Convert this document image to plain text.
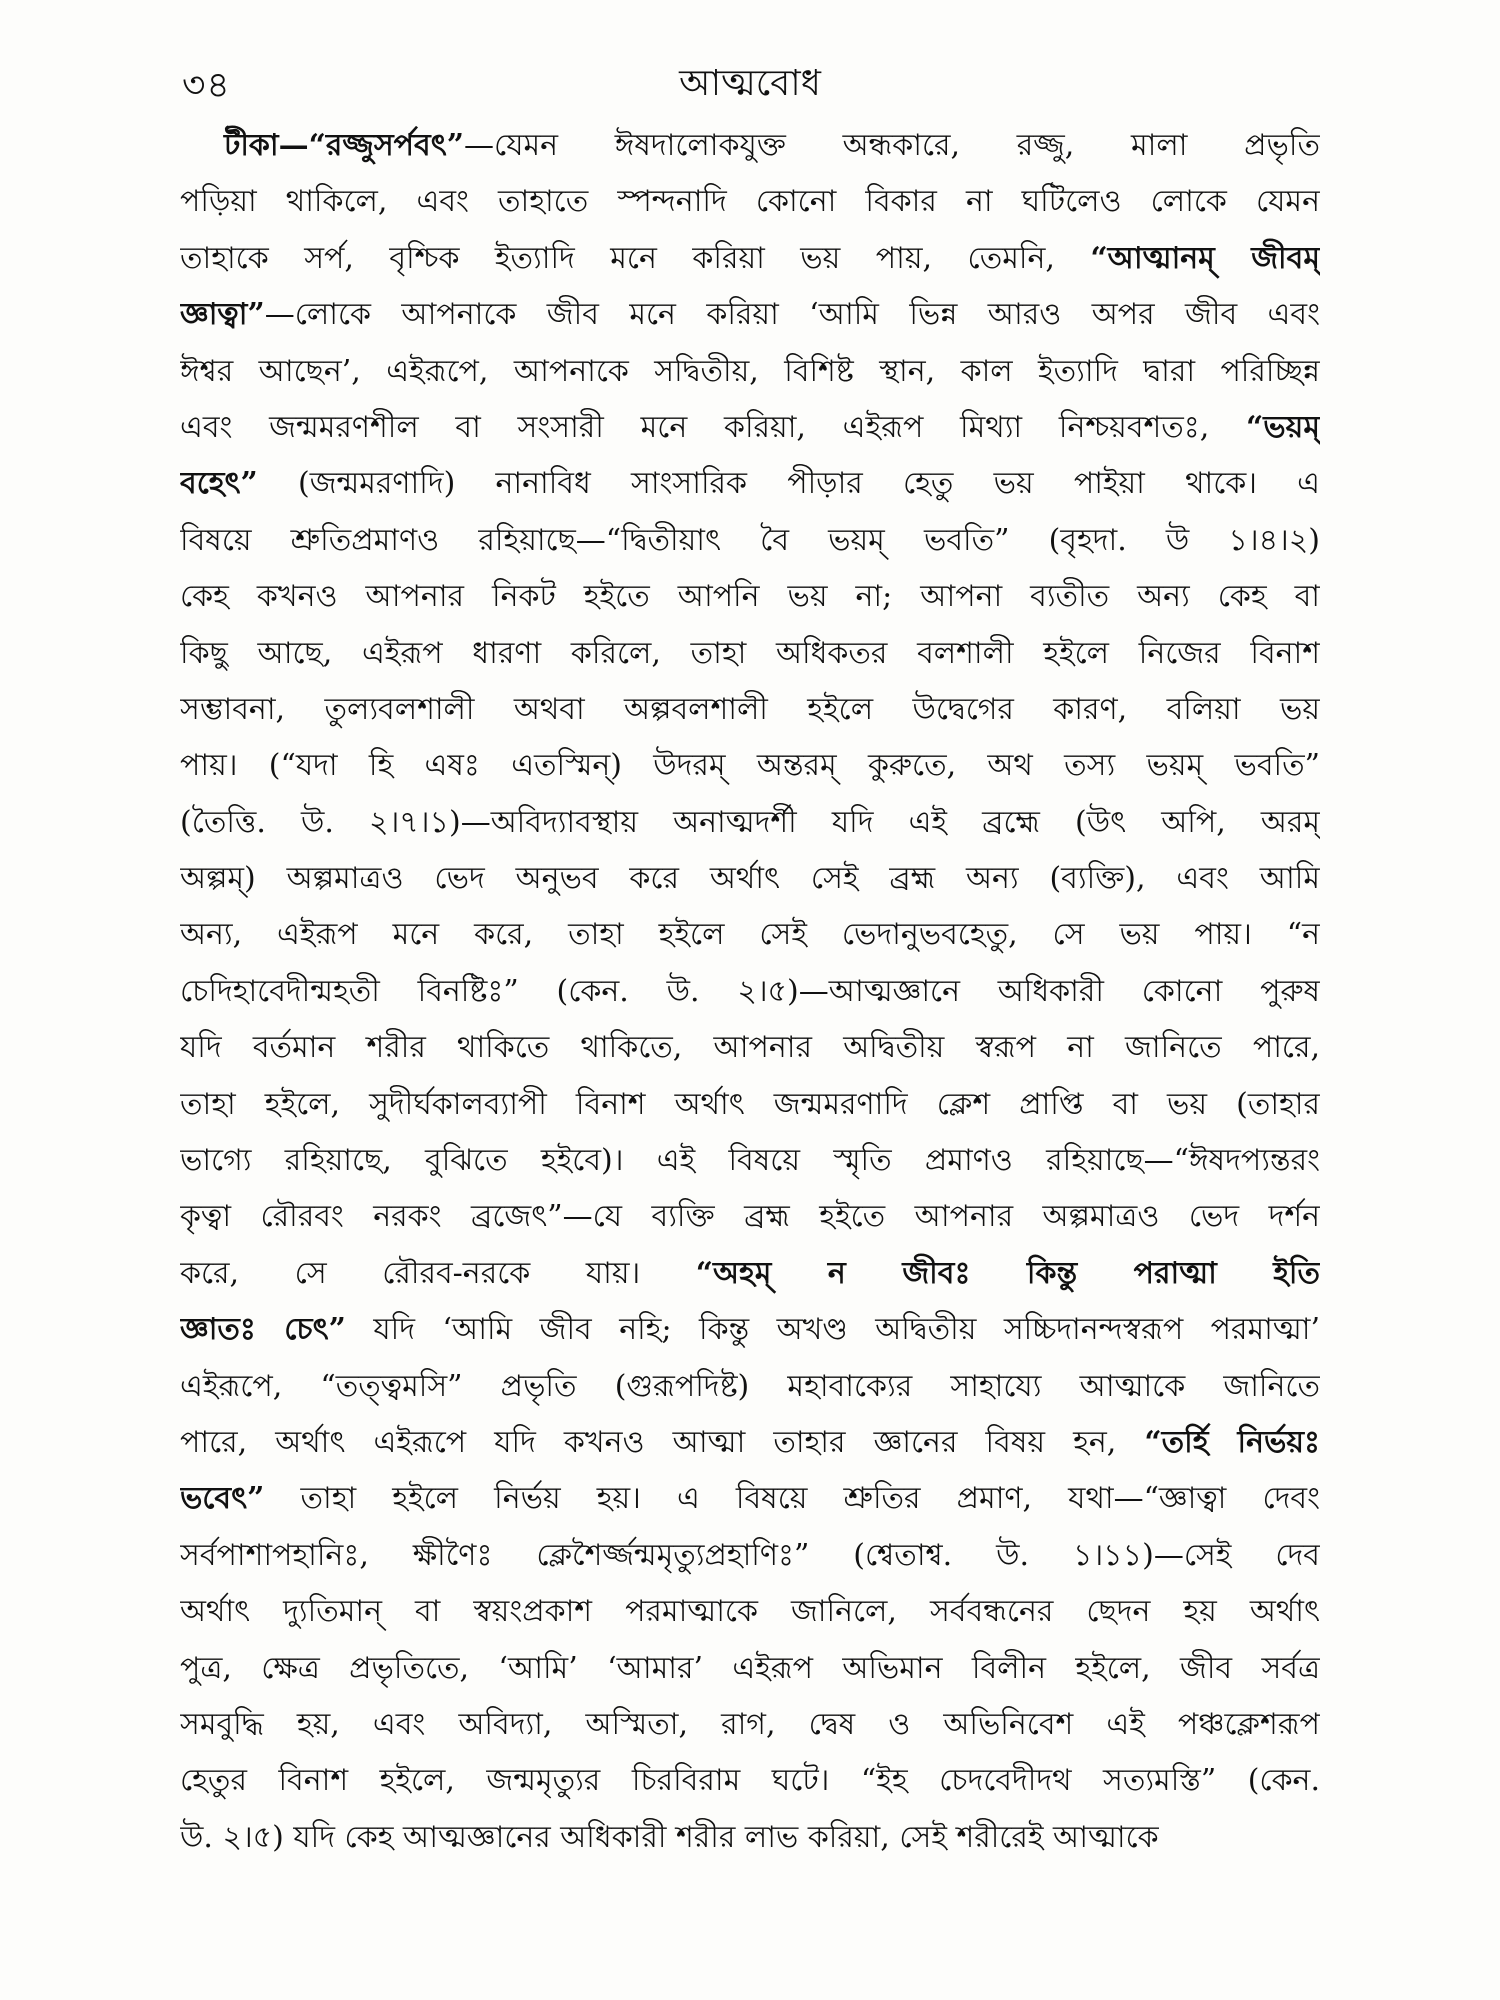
৩৪	আত্মবোধ
টীকা—“রজ্জুসর্পবৎ”—যেমন ঈষদালোকযুক্ত অন্ধকারে, রজ্জু, মালা প্রভৃতি
পড়িয়া থাকিলে, এবং তাহাতে স্পন্দনাদি কোনো বিকার না ঘটিলেও লোকে যেমন
তাহাকে সর্প, বৃশ্চিক ইত্যাদি মনে করিয়া ভয় পায়, তেমনি, “আত্মানম্ জীবম্
জ্ঞাত্বা”—লোকে আপনাকে জীব মনে করিয়া ‘আমি ভিন্ন আরও অপর জীব এবং
ঈশ্বর আছেন’, এইরূপে, আপনাকে সদ্বিতীয়, বিশিষ্ট স্থান, কাল ইত্যাদি দ্বারা পরিচ্ছিন্ন
এবং জন্মমরণশীল বা সংসারী মনে করিয়া, এইরূপ মিথ্যা নিশ্চয়বশতঃ, “ভয়ম্
বহেৎ” (জন্মমরণাদি) নানাবিধ সাংসারিক পীড়ার হেতু ভয় পাইয়া থাকে। এ
বিষয়ে শ্রুতিপ্রমাণও রহিয়াছে—“দ্বিতীয়াৎ বৈ ভয়ম্ ভবতি” (বৃহদা. উ ১।৪।২)
কেহ কখনও আপনার নিকট হইতে আপনি ভয় না; আপনা ব্যতীত অন্য কেহ বা
কিছু আছে, এইরূপ ধারণা করিলে, তাহা অধিকতর বলশালী হইলে নিজের বিনাশ
সম্ভাবনা, তুল্যবলশালী অথবা অল্পবলশালী হইলে উদ্বেগের কারণ, বলিয়া ভয়
পায়। (“যদা হি এষঃ এতস্মিন্) উদরম্ অন্তরম্ কুরুতে, অথ তস্য ভয়ম্ ভবতি”
(তৈত্তি. উ. ২।৭।১)—অবিদ্যাবস্থায় অনাত্মদর্শী যদি এই ব্রহ্মে (উৎ অপি, অরম্
অল্পম্) অল্পমাত্রও ভেদ অনুভব করে অর্থাৎ সেই ব্রহ্ম অন্য (ব্যক্তি), এবং আমি
অন্য, এইরূপ মনে করে, তাহা হইলে সেই ভেদানুভবহেতু, সে ভয় পায়। “ন
চেদিহাবেদীন্মহতী বিনষ্টিঃ” (কেন. উ. ২।৫)—আত্মজ্ঞানে অধিকারী কোনো পুরুষ
যদি বর্তমান শরীর থাকিতে থাকিতে, আপনার অদ্বিতীয় স্বরূপ না জানিতে পারে,
তাহা হইলে, সুদীর্ঘকালব্যাপী বিনাশ অর্থাৎ জন্মমরণাদি ক্লেশ প্রাপ্তি বা ভয় (তাহার
ভাগ্যে রহিয়াছে, বুঝিতে হইবে)। এই বিষয়ে স্মৃতি প্রমাণও রহিয়াছে—“ঈষদপ্যন্তরং
কৃত্বা রৌরবং নরকং ব্রজেৎ”—যে ব্যক্তি ব্রহ্ম হইতে আপনার অল্পমাত্রও ভেদ দর্শন
করে, সে রৌরব-নরকে যায়। “অহম্ ন জীবঃ কিন্তু পরাত্মা ইতি
জ্ঞাতঃ চেৎ” যদি ‘আমি জীব নহি; কিন্তু অখণ্ড অদ্বিতীয় সচ্চিদানন্দস্বরূপ পরমাত্মা’
এইরূপে, “তত্ত্বমসি” প্রভৃতি (গুরূপদিষ্ট) মহাবাক্যের সাহায্যে আত্মাকে জানিতে
পারে, অর্থাৎ এইরূপে যদি কখনও আত্মা তাহার জ্ঞানের বিষয় হন, “তর্হি নির্ভয়ঃ
ভবেৎ” তাহা হইলে নির্ভয় হয়। এ বিষয়ে শ্রুতির প্রমাণ, যথা—“জ্ঞাত্বা দেবং
সর্বপাশাপহানিঃ, ক্ষীণৈঃ ক্লেশৈর্জ্জন্মমৃত্যুপ্রহাণিঃ” (শ্বেতাশ্ব. উ. ১।১১)—সেই দেব
অর্থাৎ দ্যুতিমান্ বা স্বয়ংপ্রকাশ পরমাত্মাকে জানিলে, সর্ববন্ধনের ছেদন হয় অর্থাৎ
পুত্র, ক্ষেত্র প্রভৃতিতে, ‘আমি’ ‘আমার’ এইরূপ অভিমান বিলীন হইলে, জীব সর্বত্র
সমবুদ্ধি হয়, এবং অবিদ্যা, অস্মিতা, রাগ, দ্বেষ ও অভিনিবেশ এই পঞ্চক্লেশরূপ
হেতুর বিনাশ হইলে, জন্মমৃত্যুর চিরবিরাম ঘটে। “ইহ চেদবেদীদথ সত্যমস্তি” (কেন.
উ. ২।৫) যদি কেহ আত্মজ্ঞানের অধিকারী শরীর লাভ করিয়া, সেই শরীরেই আত্মাকে
